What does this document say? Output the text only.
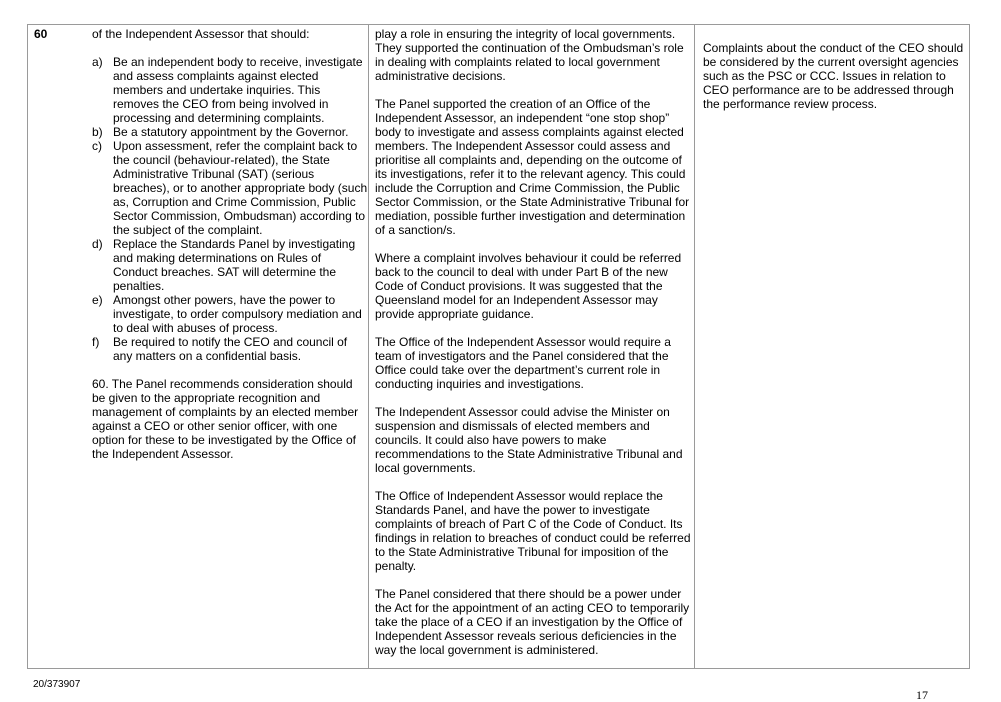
60	of the Independent Assessor that should:

a) Be an independent body to receive, investigate and assess complaints against elected members and undertake inquiries. This removes the CEO from being involved in processing and determining complaints.
b) Be a statutory appointment by the Governor.
c) Upon assessment, refer the complaint back to the council (behaviour-related), the State Administrative Tribunal (SAT) (serious breaches), or to another appropriate body (such as, Corruption and Crime Commission, Public Sector Commission, Ombudsman) according to the subject of the complaint.
d) Replace the Standards Panel by investigating and making determinations on Rules of Conduct breaches. SAT will determine the penalties.
e) Amongst other powers, have the power to investigate, to order compulsory mediation and to deal with abuses of process.
f) Be required to notify the CEO and council of any matters on a confidential basis.

60. The Panel recommends consideration should be given to the appropriate recognition and management of complaints by an elected member against a CEO or other senior officer, with one option for these to be investigated by the Office of the Independent Assessor.

play a role in ensuring the integrity of local governments. They supported the continuation of the Ombudsman’s role in dealing with complaints related to local government administrative decisions.

The Panel supported the creation of an Office of the Independent Assessor, an independent “one stop shop” body to investigate and assess complaints against elected members. The Independent Assessor could assess and prioritise all complaints and, depending on the outcome of its investigations, refer it to the relevant agency. This could include the Corruption and Crime Commission, the Public Sector Commission, or the State Administrative Tribunal for mediation, possible further investigation and determination of a sanction/s.

Where a complaint involves behaviour it could be referred back to the council to deal with under Part B of the new Code of Conduct provisions. It was suggested that the Queensland model for an Independent Assessor may provide appropriate guidance.

The Office of the Independent Assessor would require a team of investigators and the Panel considered that the Office could take over the department’s current role in conducting inquiries and investigations.

The Independent Assessor could advise the Minister on suspension and dismissals of elected members and councils. It could also have powers to make recommendations to the State Administrative Tribunal and local governments.

The Office of Independent Assessor would replace the Standards Panel, and have the power to investigate complaints of breach of Part C of the Code of Conduct. Its findings in relation to breaches of conduct could be referred to the State Administrative Tribunal for imposition of the penalty.

The Panel considered that there should be a power under the Act for the appointment of an acting CEO to temporarily take the place of a CEO if an investigation by the Office of Independent Assessor reveals serious deficiencies in the way the local government is administered.

Complaints about the conduct of the CEO should be considered by the current oversight agencies such as the PSC or CCC. Issues in relation to CEO performance are to be addressed through the performance review process.

20/373907
17
